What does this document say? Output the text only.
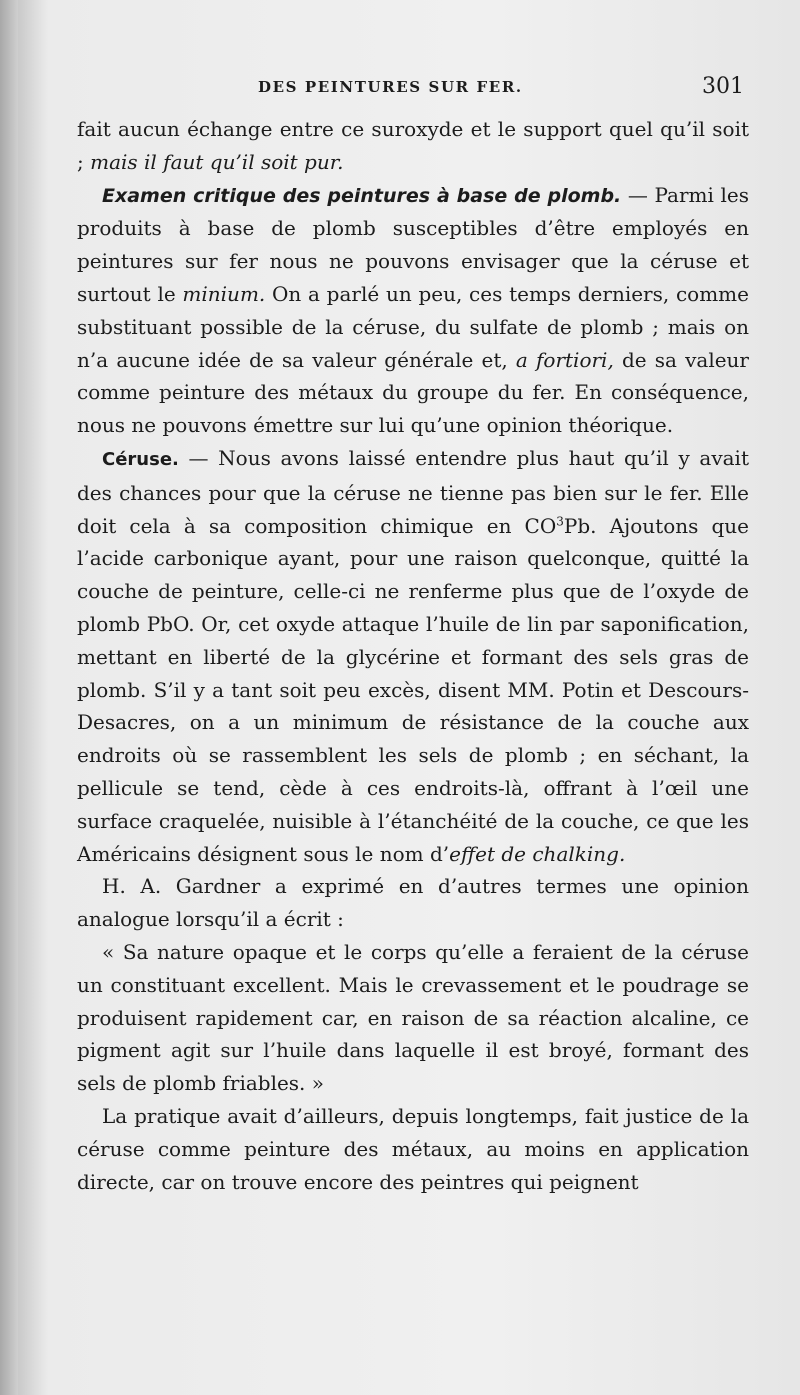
DES PEINTURES SUR FER.	301

fait aucun échange entre ce suroxyde et le support quel qu’il soit ; mais il faut qu’il soit pur.

Examen critique des peintures à base de plomb. — Parmi les produits à base de plomb susceptibles d’être employés en peintures sur fer nous ne pouvons envisager que la céruse et surtout le minium. On a parlé un peu, ces temps derniers, comme substituant possible de la céruse, du sulfate de plomb ; mais on n’a aucune idée de sa valeur générale et, a fortiori, de sa valeur comme peinture des métaux du groupe du fer. En conséquence, nous ne pouvons émettre sur lui qu’une opinion théorique.

Céruse. — Nous avons laissé entendre plus haut qu’il y avait des chances pour que la céruse ne tienne pas bien sur le fer. Elle doit cela à sa composition chimique en $CO^3Pb$. Ajoutons que l’acide carbonique ayant, pour une raison quelconque, quitté la couche de peinture, celle-ci ne renferme plus que de l’oxyde de plomb PbO. Or, cet oxyde attaque l’huile de lin par saponification, mettant en liberté de la glycérine et formant des sels gras de plomb. S’il y a tant soit peu excès, disent MM. Potin et Descours-Desacres, on a un minimum de résistance de la couche aux endroits où se rassemblent les sels de plomb ; en séchant, la pellicule se tend, cède à ces endroits-là, offrant à l’œil une surface craquelée, nuisible à l’étanchéité de la couche, ce que les Américains désignent sous le nom d’effet de chalking.

H. A. Gardner a exprimé en d’autres termes une opinion analogue lorsqu’il a écrit :

« Sa nature opaque et le corps qu’elle a feraient de la céruse un constituant excellent. Mais le crevassement et le poudrage se produisent rapidement car, en raison de sa réaction alcaline, ce pigment agit sur l’huile dans laquelle il est broyé, formant des sels de plomb friables. »

La pratique avait d’ailleurs, depuis longtemps, fait justice de la céruse comme peinture des métaux, au moins en application directe, car on trouve encore des peintres qui peignent
